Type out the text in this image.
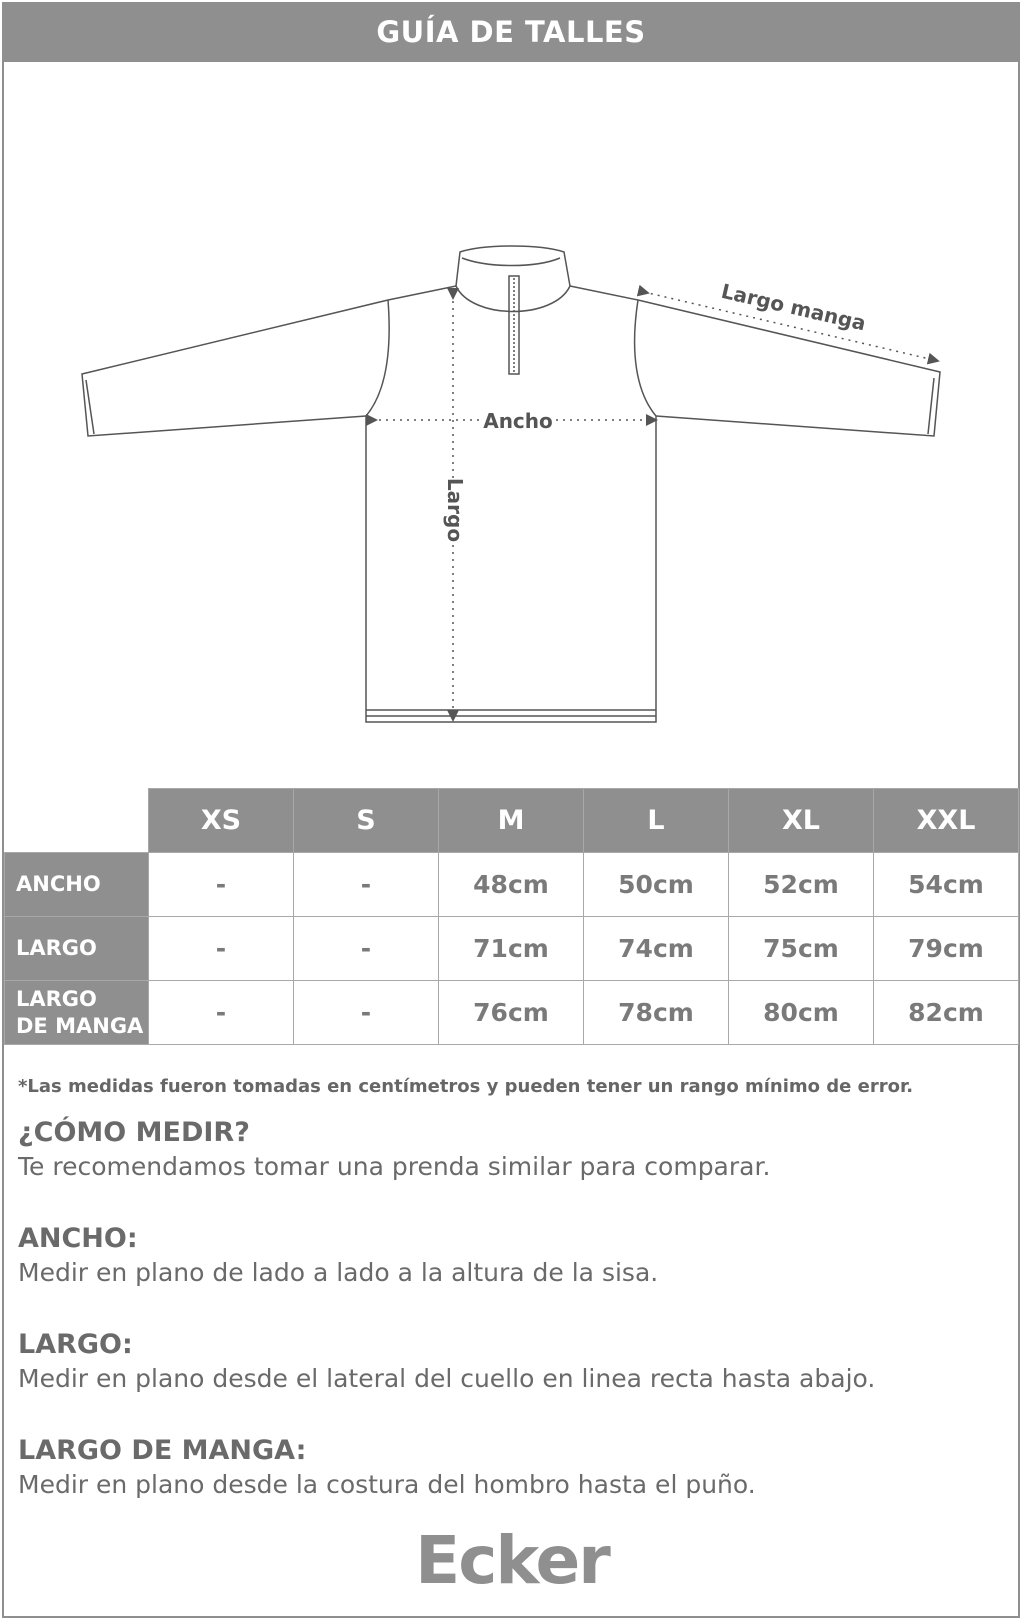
GUÍA DE TALLES
Largo manga
Ancho
Largo
	XS	S	M	L	XL	XXL
ANCHO	-	-	48cm	50cm	52cm	54cm
LARGO	-	-	71cm	74cm	75cm	79cm
LARGO
DE MANGA	-	-	76cm	78cm	80cm	82cm
*Las medidas fueron tomadas en centímetros y pueden tener un rango mínimo de error.
¿CÓMO MEDIR?

Te recomendamos tomar una prenda similar para comparar.

ANCHO:

Medir en plano de lado a lado a la altura de la sisa.

LARGO:

Medir en plano desde el lateral del cuello en linea recta hasta abajo.

LARGO DE MANGA:

Medir en plano desde la costura del hombro hasta el puño.

Ecker
